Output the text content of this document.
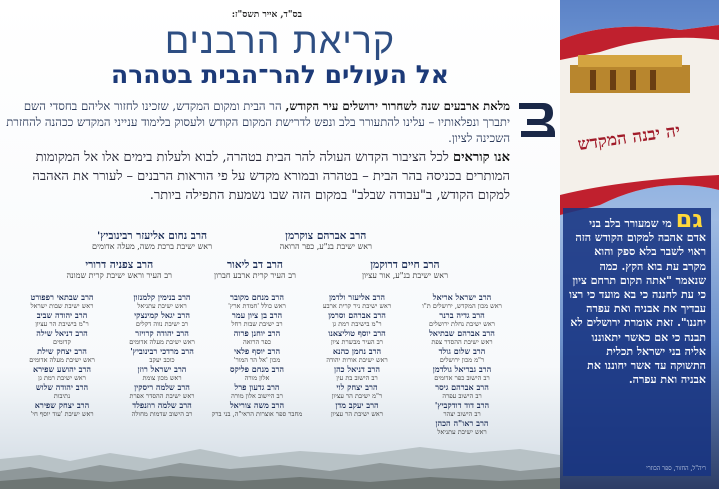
בס"ד, אייר תשס"ז:
קריאת הרבנים
אל העולים להר־הבית בטהרה
מלאת ארבעים שנה לשחרור ירושלים עיר הקודש, הר הבית ומקום המקדש, שזכינו לחזור אליהם בחסדי השם יתברך ונפלאותיו – עלינו להתעורר בלב ונפש לדרישת המקום הקודש ולעסוק בלימוד ענייני המקדש ככהנה להחזרת השכינה לציון.
אנו קוראים לכל הציבור הקדוש העולה להר הבית בטהרה, לבוא ולעלות בימים אלו אל המקומות המותרים בכניסה בהר הבית – בטהרה ובמורא מקדש על פי הוראות הרבנים – לעורר את האהבה למקום הקודש, ב"עבודה שבלב" במקום הזה שבו נשמעת התפילה ביותר.
הרב אברהם צוקרמן
ראש ישיבת בנ"ע, כפר הרואה
הרב נחום אליעזר רבינוביץ'
ראש ישיבת ברכת משה, מעלה אדומים
הרב חיים דרוקמן
ראש ישיבת בנ"ע, אור עציון
הרב דב ליאור
רב העיר קרית ארבע חברון
הרב צפניה דרורי
רב העיר וראש ישיבת קרית שמונה
הרב ישראל אריאל
ראש מכון המקדש, ירושלים ת"ו
הרב גדיה ברנר
ראש ישיבת נחלת ירושלים
הרב אברהם שבתיאל
ראש ישיבת ההסדר צפת
הרב שלום גולד
ר"מ מכון ירושלים
הרב גבריאל גולדמן
רב הישוב כפר אדומים
הרב אברהם גיסר
רב הישוב עפרה
הרב דוד דודקביץ'
רב הישוב יצהר
הרב ראו"ה הכהן
ראש ישיבת עתניאל
הרב אליעזר ולדמן
ראש ישיבת ניר קרית ארבע
הרב אברהם וסרמן
ר"מ בישיבת רמת גן
הרב יוסף טוליצאנו
רב העיר מבשרת ציון
הרב נחמן כהנא
ראש ישיבת אורות יהודה
הרב דניאל כהן
רב הישוב בת עין
הרב יצחק לוי
ר"מ ישיבת הר עציון
הרב יעקב מדן
ראש ישיבת הר עציון
הרב מנחם מקובר
ראש כולל 'חמדת ארץ'
הרב בן ציון עמר
רב ישיבת שבות רחל
הרב יוחנן פרוה
כפר הרואה
הרב יוסף פלאי
מכון 'אל הר המור'
הרב מנחם פליקס
אלון מורה
הרב גדעון פרל
רב היישוב אלון מורה
הרב משה צוריאל
מחבר ספר אוצרות הראי"ה, בני ברק
הרב בנימין קלמנזון
ראש ישיבת עתניאל
הרב יגאל קמינצקי
רב ישיבת נווה דקלים
הרב יהודה קרויזר
ראש ישיבת מעלה אדומים
הרב מרדכי רבינוביץ'
כוכב יעקב
הרב ישראל רוזן
ראש מכון צומת
הרב שלמה ריסקין
ראש ישיבת ההסדר אפרת
הרב שלמה רוזנפלד
רב הישוב שדמות מחולה
הרב שבתאי רפפורט
ראש ישיבת שבות ישראל
הרב יהודה שביב
ר"מ בישיבת הר עציון
הרב דניאל שילה
קדומים
הרב יצחק שילת
ראש ישיבת מעלה אדומים
הרב יהושע שפירא
ראש ישיבת רמת גן
הרב יהודה שלוש
נתיבות
הרב יצחק שפירא
ראש ישיבת 'עוד יוסף חי'
יה יבנה המקדש
גם מי שמעורר בלב בני אדם אהבה למקום הקודש הזה ראוי לשבר בלא ספק והוא מקרב עת בוא הקץ. כמה שנאמר "אתה תקום תרחם ציון כי עת לחננה כי בא מועד כי רצו עבדיך את אבניה ואת עפרה יחננו". זאת אומרת ירושלים לא תבנה כי אם כאשר יתאוננו אליה בני ישראל תכלית התשוקה עד אשר יחוננו את אבניה ואת עפרה.
ריה"ל, החזור, ספר הכוזרי
